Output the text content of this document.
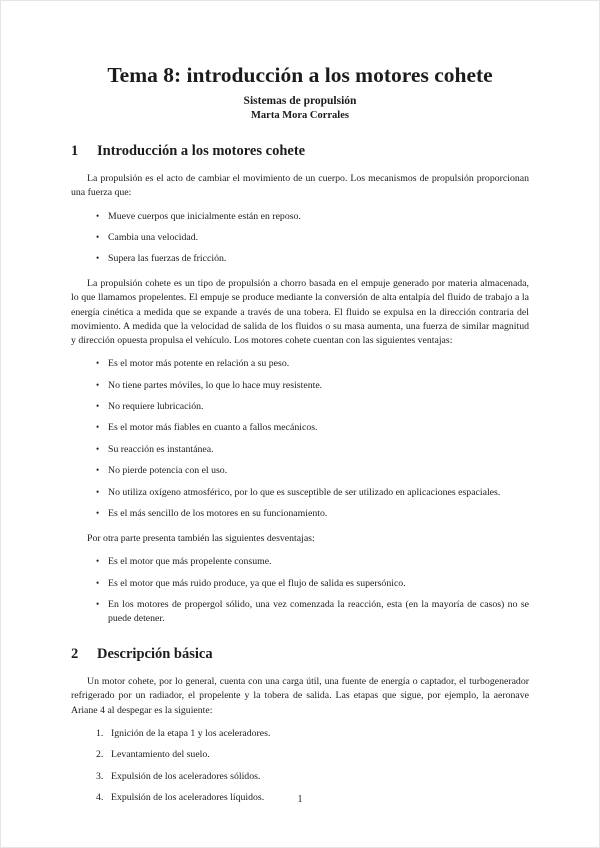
Tema 8: introducción a los motores cohete
Sistemas de propulsión
Marta Mora Corrales
1 Introducción a los motores cohete

La propulsión es el acto de cambiar el movimiento de un cuerpo. Los mecanismos de propulsión proporcionan una fuerza que:

• Mueve cuerpos que inicialmente están en reposo.
• Cambia una velocidad.
• Supera las fuerzas de fricción.

La propulsión cohete es un tipo de propulsión a chorro basada en el empuje generado por materia almacenada, lo que llamamos propelentes. El empuje se produce mediante la conversión de alta entalpía del fluido de trabajo a la energía cinética a medida que se expande a través de una tobera. El fluido se expulsa en la dirección contraria del movimiento. A medida que la velocidad de salida de los fluidos o su masa aumenta, una fuerza de similar magnitud y dirección opuesta propulsa el vehículo. Los motores cohete cuentan con las siguientes ventajas:

• Es el motor más potente en relación a su peso.
• No tiene partes móviles, lo que lo hace muy resistente.
• No requiere lubricación.
• Es el motor más fiables en cuanto a fallos mecánicos.
• Su reacción es instantánea.
• No pierde potencia con el uso.
• No utiliza oxígeno atmosférico, por lo que es susceptible de ser utilizado en aplicaciones espaciales.
• Es el más sencillo de los motores en su funcionamiento.

Por otra parte presenta también las siguientes desventajas:

• Es el motor que más propelente consume.
• Es el motor que más ruido produce, ya que el flujo de salida es supersónico.
• En los motores de propergol sólido, una vez comenzada la reacción, esta (en la mayoría de casos) no se puede detener.
2 Descripción básica

Un motor cohete, por lo general, cuenta con una carga útil, una fuente de energía o captador, el turbogenerador refrigerado por un radiador, el propelente y la tobera de salida. Las etapas que sigue, por ejemplo, la aeronave Ariane 4 al despegar es la siguiente:

1. Ignición de la etapa 1 y los aceleradores.
2. Levantamiento del suelo.
3. Expulsión de los aceleradores sólidos.
4. Expulsión de los aceleradores líquidos.	1
